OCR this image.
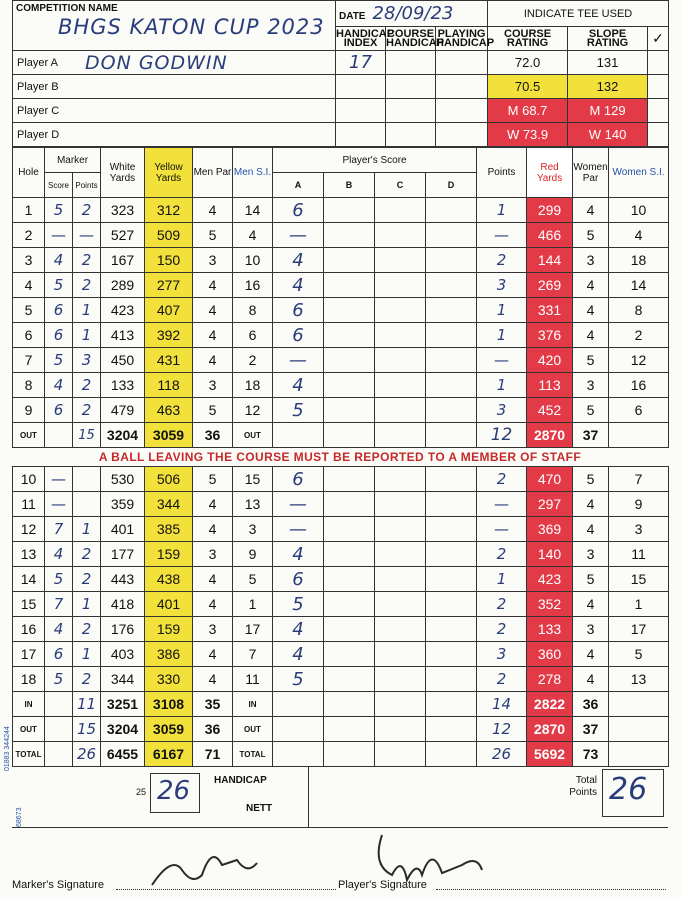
COMPETITION NAME
BHGS KATON CUP 2023	DATE 28/09/23			INDICATE TEE USED		
	HANDICAP INDEX	COURSE HANDICAP	PLAYING HANDICAP	COURSE RATING	SLOPE RATING	✓
Player A DON GODWIN	17			72.0	131	
Player B				70.5	132	
Player C				M 68.7	M 129	
Player D				W 73.9	W 140	
Hole	Marker		White Yards	Yellow Yards	Men Par	Men S.I.	Player's Score				Points	Red Yards	Women Par	Women S.I.
	Score	Points					A	B	C	D				
1	5	2	323	312	4	14	6				1	299	4	10
2	—	—	527	509	5	4	—				—	466	5	4
3	4	2	167	150	3	10	4				2	144	3	18
4	5	2	289	277	4	16	4				3	269	4	14
5	6	1	423	407	4	8	6				1	331	4	8
6	6	1	413	392	4	6	6				1	376	4	2
7	5	3	450	431	4	2	—				—	420	5	12
8	4	2	133	118	3	18	4				1	113	3	16
9	6	2	479	463	5	12	5				3	452	5	6
OUT		15	3204	3059	36	OUT					12	2870	37	
A BALL LEAVING THE COURSE MUST BE REPORTED TO A MEMBER OF STAFF
10	—		530	506	5	15	6				2	470	5	7
11	—		359	344	4	13	—				—	297	4	9
12	7	1	401	385	4	3	—				—	369	4	3
13	4	2	177	159	3	9	4				2	140	3	11
14	5	2	443	438	4	5	6				1	423	5	15
15	7	1	418	401	4	1	5				2	352	4	1
16	4	2	176	159	3	17	4				2	133	3	17
17	6	1	403	386	4	7	4				3	360	4	5
18	5	2	344	330	4	11	5				2	278	4	13
IN		11	3251	3108	35	IN					14	2822	36	
OUT		15	3204	3059	36	OUT					12	2870	37	
TOTAL		26	6455	6167	71	TOTAL					26	5692	73	
25 26 HANDICAP
NETT
Total Points 26
01883 344244
68673
Marker's Signature	Player's Signature
